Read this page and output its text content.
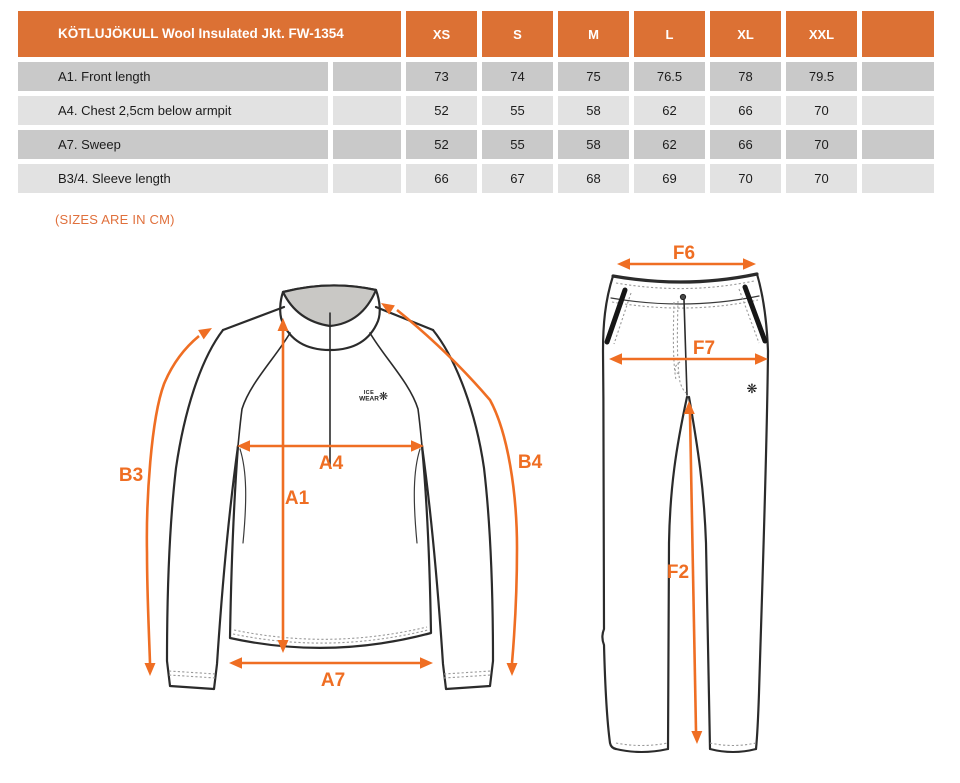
KÖTLUJÖKULL Wool Insulated Jkt. FW-1354		XS	S	M	L	XL	XXL	
A1. Front length		73	74	75	76.5	78	79.5	
A4. Chest 2,5cm below armpit		52	55	58	62	66	70	
A7. Sweep		52	55	58	62	66	70	
B3/4. Sleeve length		66	67	68	69	70	70	
(SIZES ARE IN CM)
ICE
WEAR ❋
B3
B4
A4
A1
A7
❋
F6
F7
F2
